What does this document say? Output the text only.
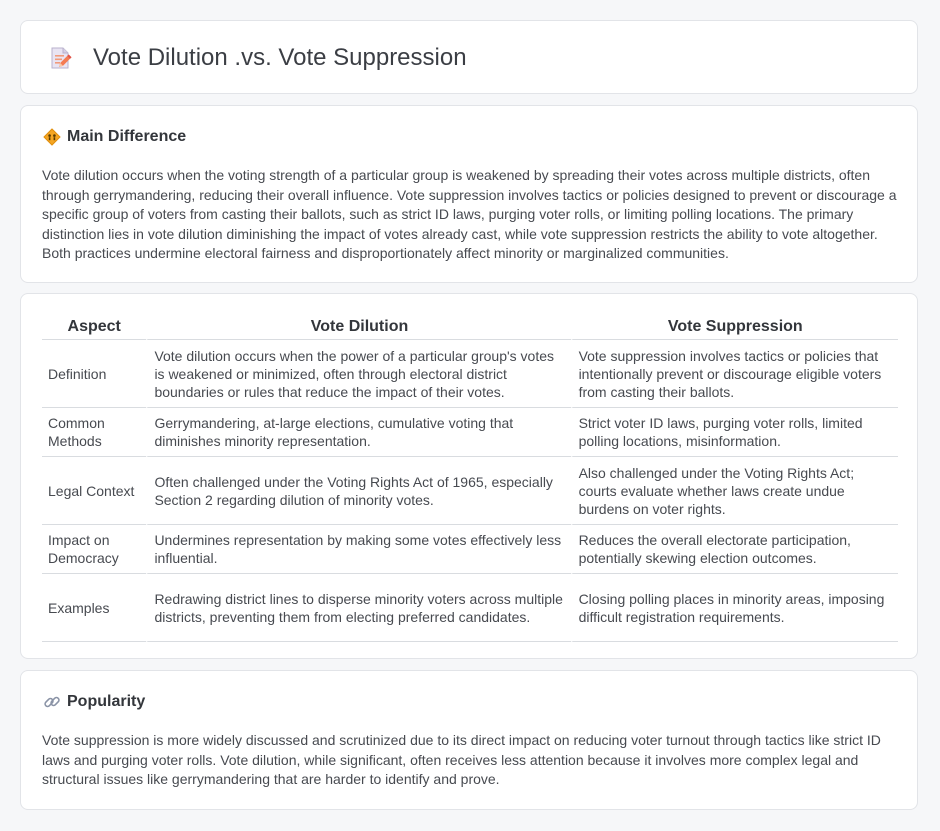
Vote Dilution .vs. Vote Suppression
Main Difference

Vote dilution occurs when the voting strength of a particular group is weakened by spreading their votes across multiple districts, often through gerrymandering, reducing their overall influence. Vote suppression involves tactics or policies designed to prevent or discourage a specific group of voters from casting their ballots, such as strict ID laws, purging voter rolls, or limiting polling locations. The primary distinction lies in vote dilution diminishing the impact of votes already cast, while vote suppression restricts the ability to vote altogether. Both practices undermine electoral fairness and disproportionately affect minority or marginalized communities.

Aspect	Vote Dilution	Vote Suppression
Definition	Vote dilution occurs when the power of a particular group's votes is weakened or minimized, often through electoral district boundaries or rules that reduce the impact of their votes.	Vote suppression involves tactics or policies that intentionally prevent or discourage eligible voters from casting their ballots.
Common Methods	Gerrymandering, at-large elections, cumulative voting that diminishes minority representation.	Strict voter ID laws, purging voter rolls, limited polling locations, misinformation.
Legal Context	Often challenged under the Voting Rights Act of 1965, especially Section 2 regarding dilution of minority votes.	Also challenged under the Voting Rights Act; courts evaluate whether laws create undue burdens on voter rights.
Impact on Democracy	Undermines representation by making some votes effectively less influential.	Reduces the overall electorate participation, potentially skewing election outcomes.
Examples	Redrawing district lines to disperse minority voters across multiple districts, preventing them from electing preferred candidates.	Closing polling places in minority areas, imposing difficult registration requirements.
Popularity

Vote suppression is more widely discussed and scrutinized due to its direct impact on reducing voter turnout through tactics like strict ID laws and purging voter rolls. Vote dilution, while significant, often receives less attention because it involves more complex legal and structural issues like gerrymandering that are harder to identify and prove.
